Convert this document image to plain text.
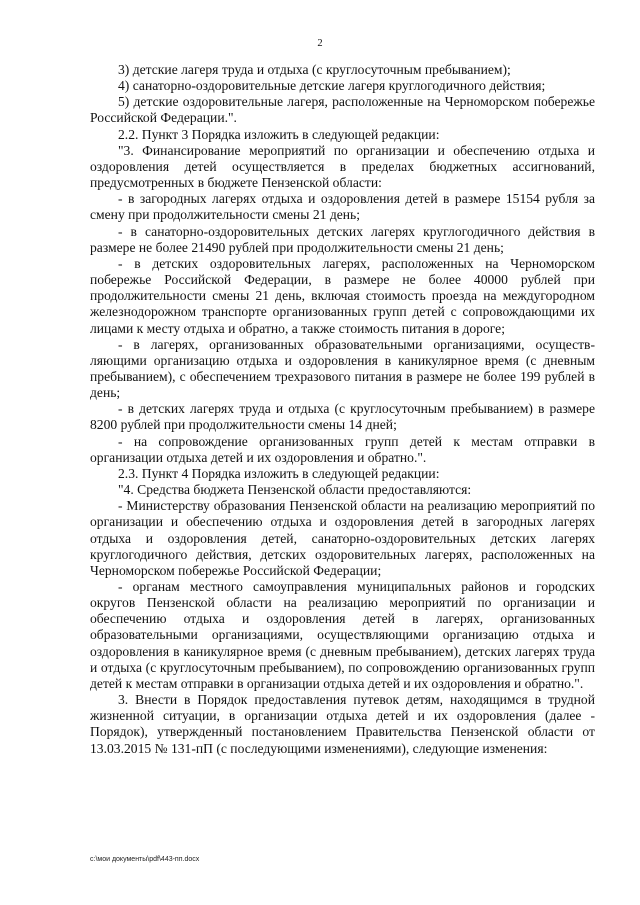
2

3) детские лагеря труда и отдыха (с круглосуточным пребыванием);

4) санаторно-оздоровительные детские лагеря круглогодичного действия;

5) детские оздоровительные лагеря, расположенные на Черноморском побережье Российской Федерации.".

2.2. Пункт 3 Порядка изложить в следующей редакции:

"3. Финансирование мероприятий по организации и обеспечению отдыха и оздоровления детей осуществляется в пределах бюджетных ассигнований, предусмотренных в бюджете Пензенской области:

- в загородных лагерях отдыха и оздоровления детей в размере 15154 рубля за смену при продолжительности смены 21 день;

- в санаторно-оздоровительных детских лагерях круглогодичного действия в размере не более 21490 рублей при продолжительности смены 21 день;

- в детских оздоровительных лагерях, расположенных на Черноморском побережье Российской Федерации, в размере не более 40000 рублей при продолжительности смены 21 день, включая стоимость проезда на междугородном железнодорожном транспорте организованных групп детей с сопровождающими их лицами к месту отдыха и обратно, а также стоимость питания в дороге;

- в лагерях, организованных образовательными организациями, осуществляющими организацию отдыха и оздоровления в каникулярное время (с дневным пребыванием), с обеспечением трехразового питания в размере не более 199 рублей в день;

- в детских лагерях труда и отдыха (с круглосуточным пребыванием) в размере 8200 рублей при продолжительности смены 14 дней;

- на сопровождение организованных групп детей к местам отправки в организации отдыха детей и их оздоровления и обратно.".

2.3. Пункт 4 Порядка изложить в следующей редакции:

"4. Средства бюджета Пензенской области предоставляются:

- Министерству образования Пензенской области на реализацию мероприятий по организации и обеспечению отдыха и оздоровления детей в загородных лагерях отдыха и оздоровления детей, санаторно-оздоровительных детских лагерях круглогодичного действия, детских оздоровительных лагерях, расположенных на Черноморском побережье Российской Федерации;

- органам местного самоуправления муниципальных районов и городских округов Пензенской области на реализацию мероприятий по организации и обеспечению отдыха и оздоровления детей в лагерях, организованных образовательными организациями, осуществляющими организацию отдыха и оздоровления в каникулярное время (с дневным пребыванием), детских лагерях труда и отдыха (с круглосуточным пребыванием), по сопровождению организованных групп детей к местам отправки в организации отдыха детей и их оздоровления и обратно.".

3. Внести в Порядок предоставления путевок детям, находящимся в трудной жизненной ситуации, в организации отдыха детей и их оздоровления (далее - Порядок), утвержденный постановлением Правительства Пензенской области от 13.03.2015 № 131-пП (с последующими изменениями), следующие изменения:

c:\мои документы\pdf\443-пп.docx
